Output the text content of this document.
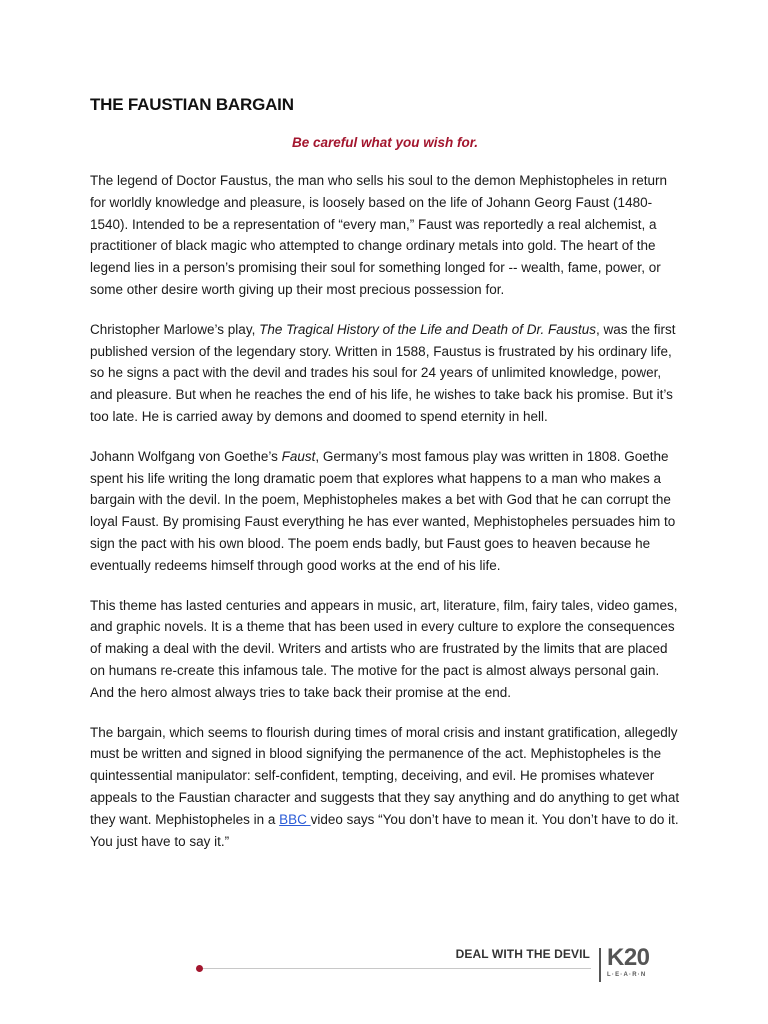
THE FAUSTIAN BARGAIN
Be careful what you wish for.

The legend of Doctor Faustus, the man who sells his soul to the demon Mephistopheles in return for worldly knowledge and pleasure, is loosely based on the life of Johann Georg Faust (1480-1540). Intended to be a representation of “every man,” Faust was reportedly a real alchemist, a practitioner of black magic who attempted to change ordinary metals into gold. The heart of the legend lies in a person’s promising their soul for something longed for -- wealth, fame, power, or some other desire worth giving up their most precious possession for.

Christopher Marlowe’s play, The Tragical History of the Life and Death of Dr. Faustus, was the first published version of the legendary story. Written in 1588, Faustus is frustrated by his ordinary life, so he signs a pact with the devil and trades his soul for 24 years of unlimited knowledge, power, and pleasure. But when he reaches the end of his life, he wishes to take back his promise. But it’s too late. He is carried away by demons and doomed to spend eternity in hell.

Johann Wolfgang von Goethe’s Faust, Germany’s most famous play was written in 1808. Goethe spent his life writing the long dramatic poem that explores what happens to a man who makes a bargain with the devil. In the poem, Mephistopheles makes a bet with God that he can corrupt the loyal Faust. By promising Faust everything he has ever wanted, Mephistopheles persuades him to sign the pact with his own blood. The poem ends badly, but Faust goes to heaven because he eventually redeems himself through good works at the end of his life.

This theme has lasted centuries and appears in music, art, literature, film, fairy tales, video games, and graphic novels. It is a theme that has been used in every culture to explore the consequences of making a deal with the devil. Writers and artists who are frustrated by the limits that are placed on humans re-create this infamous tale. The motive for the pact is almost always personal gain. And the hero almost always tries to take back their promise at the end.

The bargain, which seems to flourish during times of moral crisis and instant gratification, allegedly must be written and signed in blood signifying the permanence of the act. Mephistopheles is the quintessential manipulator: self-confident, tempting, deceiving, and evil. He promises whatever appeals to the Faustian character and suggests that they say anything and do anything to get what they want. Mephistopheles in a BBC video says “You don’t have to mean it. You don’t have to do it. You just have to say it.”

DEAL WITH THE DEVIL K20
L·E·A·R·N
